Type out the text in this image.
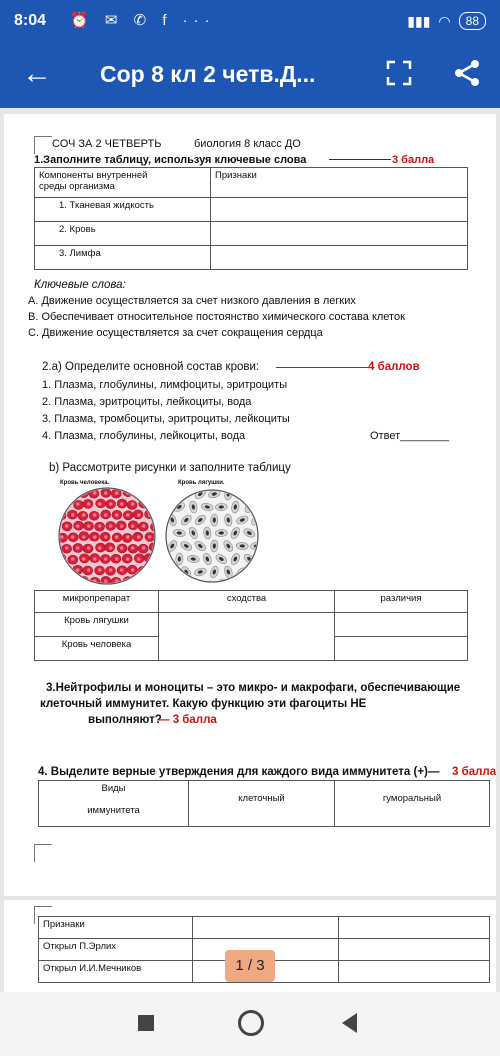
8:04 ⏰ ✉ ✆ f ···	▮▮▮ ◠	88
← Сор 8 кл 2 четв.Д...
СОЧ ЗА 2 ЧЕТВЕРТЬ	биология 8 класс ДО
1.Заполните таблицу, используя ключевые слова	3 балла
Компоненты внутренней
среды организма	Признаки
1. Тканевая жидкость	
2. Кровь	
3. Лимфа	
Ключевые слова:
А. Движение осуществляется за счет низкого давления в легких
В. Обеспечивает относительное постоянство химического состава клеток
С. Движение осуществляется за счет сокращения сердца
2.а) Определите основной состав крови:	4 баллов
1. Плазма, глобулины, лимфоциты, эритроциты
2. Плазма, эритроциты, лейкоциты, вода
3. Плазма, тромбоциты, эритроциты, лейкоциты
4. Плазма, глобулины, лейкоциты, вода	Ответ________
b) Рассмотрите рисунки и заполните таблицу
Кровь человека.	Кровь лягушки.
микропрепарат	сходства	различия
Кровь лягушки		
Кровь человека		
3.Нейтрофилы и моноциты – это микро- и макрофаги, обеспечивающие
клеточный иммунитет. Какую функцию эти фагоциты НЕ
выполняют?
— 3 балла
4. Выделите верные утверждения для каждого вида иммунитета (+)— 3 балла
Виды

иммунитета	клеточный	гуморальный
Признаки		
Открыл П.Эрлих		
Открыл И.И.Мечников			1 / 3
